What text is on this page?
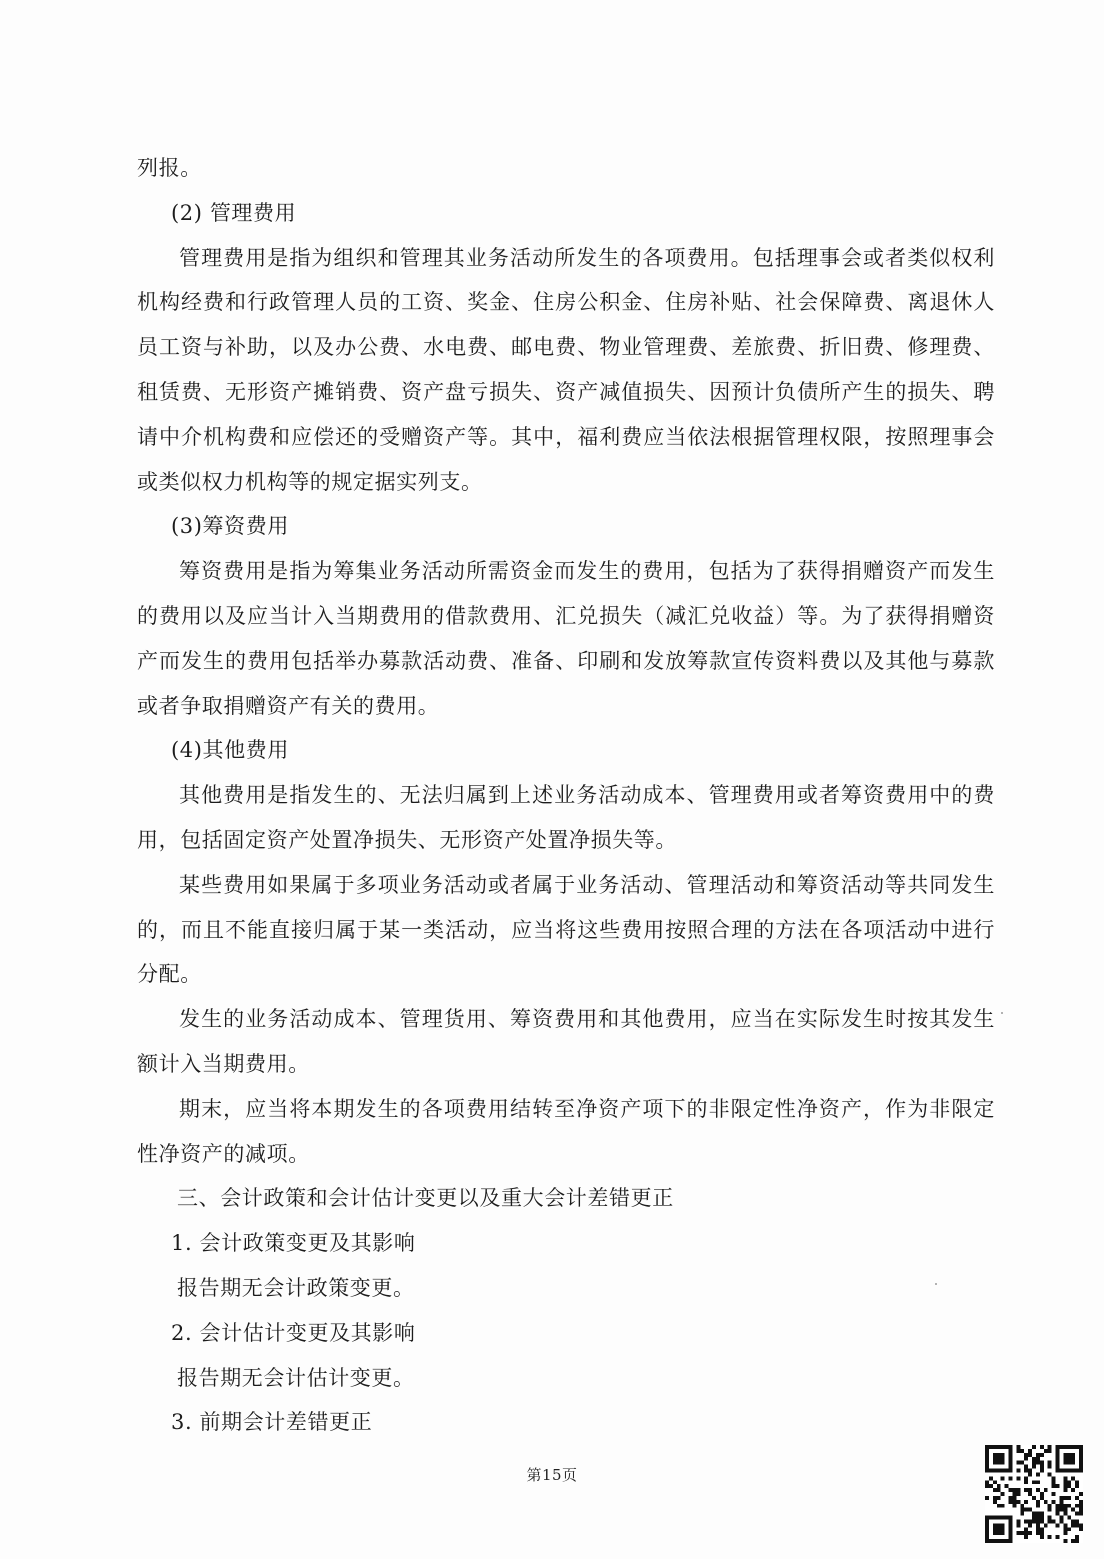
列报。

(2) 管理费用

管理费用是指为组织和管理其业务活动所发生的各项费用。包括理事会或者类似权利机构经费和行政管理人员的工资、奖金、住房公积金、住房补贴、社会保障费、离退休人员工资与补助，以及办公费、水电费、邮电费、物业管理费、差旅费、折旧费、修理费、租赁费、无形资产摊销费、资产盘亏损失、资产减值损失、因预计负债所产生的损失、聘请中介机构费和应偿还的受赠资产等。其中，福利费应当依法根据管理权限，按照理事会或类似权力机构等的规定据实列支。

(3)筹资费用

筹资费用是指为筹集业务活动所需资金而发生的费用，包括为了获得捐赠资产而发生的费用以及应当计入当期费用的借款费用、汇兑损失（减汇兑收益）等。为了获得捐赠资产而发生的费用包括举办募款活动费、准备、印刷和发放筹款宣传资料费以及其他与募款或者争取捐赠资产有关的费用。

(4)其他费用

其他费用是指发生的、无法归属到上述业务活动成本、管理费用或者筹资费用中的费用，包括固定资产处置净损失、无形资产处置净损失等。

某些费用如果属于多项业务活动或者属于业务活动、管理活动和筹资活动等共同发生的，而且不能直接归属于某一类活动，应当将这些费用按照合理的方法在各项活动中进行分配。

发生的业务活动成本、管理货用、筹资费用和其他费用，应当在实际发生时按其发生额计入当期费用。

期末，应当将本期发生的各项费用结转至净资产项下的非限定性净资产，作为非限定性净资产的减项。

三、会计政策和会计估计变更以及重大会计差错更正

1. 会计政策变更及其影响

报告期无会计政策变更。

2. 会计估计变更及其影响

报告期无会计估计变更。

3. 前期会计差错更正

第15页
